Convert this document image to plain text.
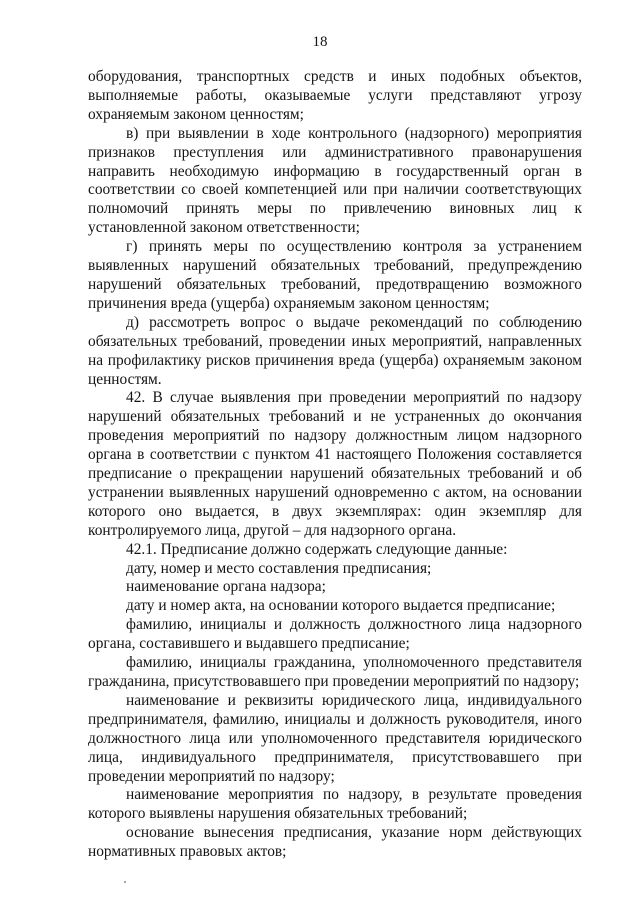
18

оборудования, транспортных средств и иных подобных объектов, выполняемые работы, оказываемые услуги представляют угрозу охраняемым законом ценностям;

в) при выявлении в ходе контрольного (надзорного) мероприятия признаков преступления или административного правонарушения направить необходимую информацию в государственный орган в соответствии со своей компетенцией или при наличии соответствующих полномочий принять меры по привлечению виновных лиц к установленной законом ответственности;

г) принять меры по осуществлению контроля за устранением выявленных нарушений обязательных требований, предупреждению нарушений обязательных требований, предотвращению возможного причинения вреда (ущерба) охраняемым законом ценностям;

д) рассмотреть вопрос о выдаче рекомендаций по соблюдению обязательных требований, проведении иных мероприятий, направленных на профилактику рисков причинения вреда (ущерба) охраняемым законом ценностям.

42. В случае выявления при проведении мероприятий по надзору нарушений обязательных требований и не устраненных до окончания проведения мероприятий по надзору должностным лицом надзорного органа в соответствии с пунктом 41 настоящего Положения составляется предписание о прекращении нарушений обязательных требований и об устранении выявленных нарушений одновременно с актом, на основании которого оно выдается, в двух экземплярах: один экземпляр для контролируемого лица, другой – для надзорного органа.

42.1. Предписание должно содержать следующие данные:

дату, номер и место составления предписания;

наименование органа надзора;

дату и номер акта, на основании которого выдается предписание;

фамилию, инициалы и должность должностного лица надзорного органа, составившего и выдавшего предписание;

фамилию, инициалы гражданина, уполномоченного представителя гражданина, присутствовавшего при проведении мероприятий по надзору;

наименование и реквизиты юридического лица, индивидуального предпринимателя, фамилию, инициалы и должность руководителя, иного должностного лица или уполномоченного представителя юридического лица, индивидуального предпринимателя, присутствовавшего при проведении мероприятий по надзору;

наименование мероприятия по надзору, в результате проведения которого выявлены нарушения обязательных требований;

основание вынесения предписания, указание норм действующих нормативных правовых актов;
